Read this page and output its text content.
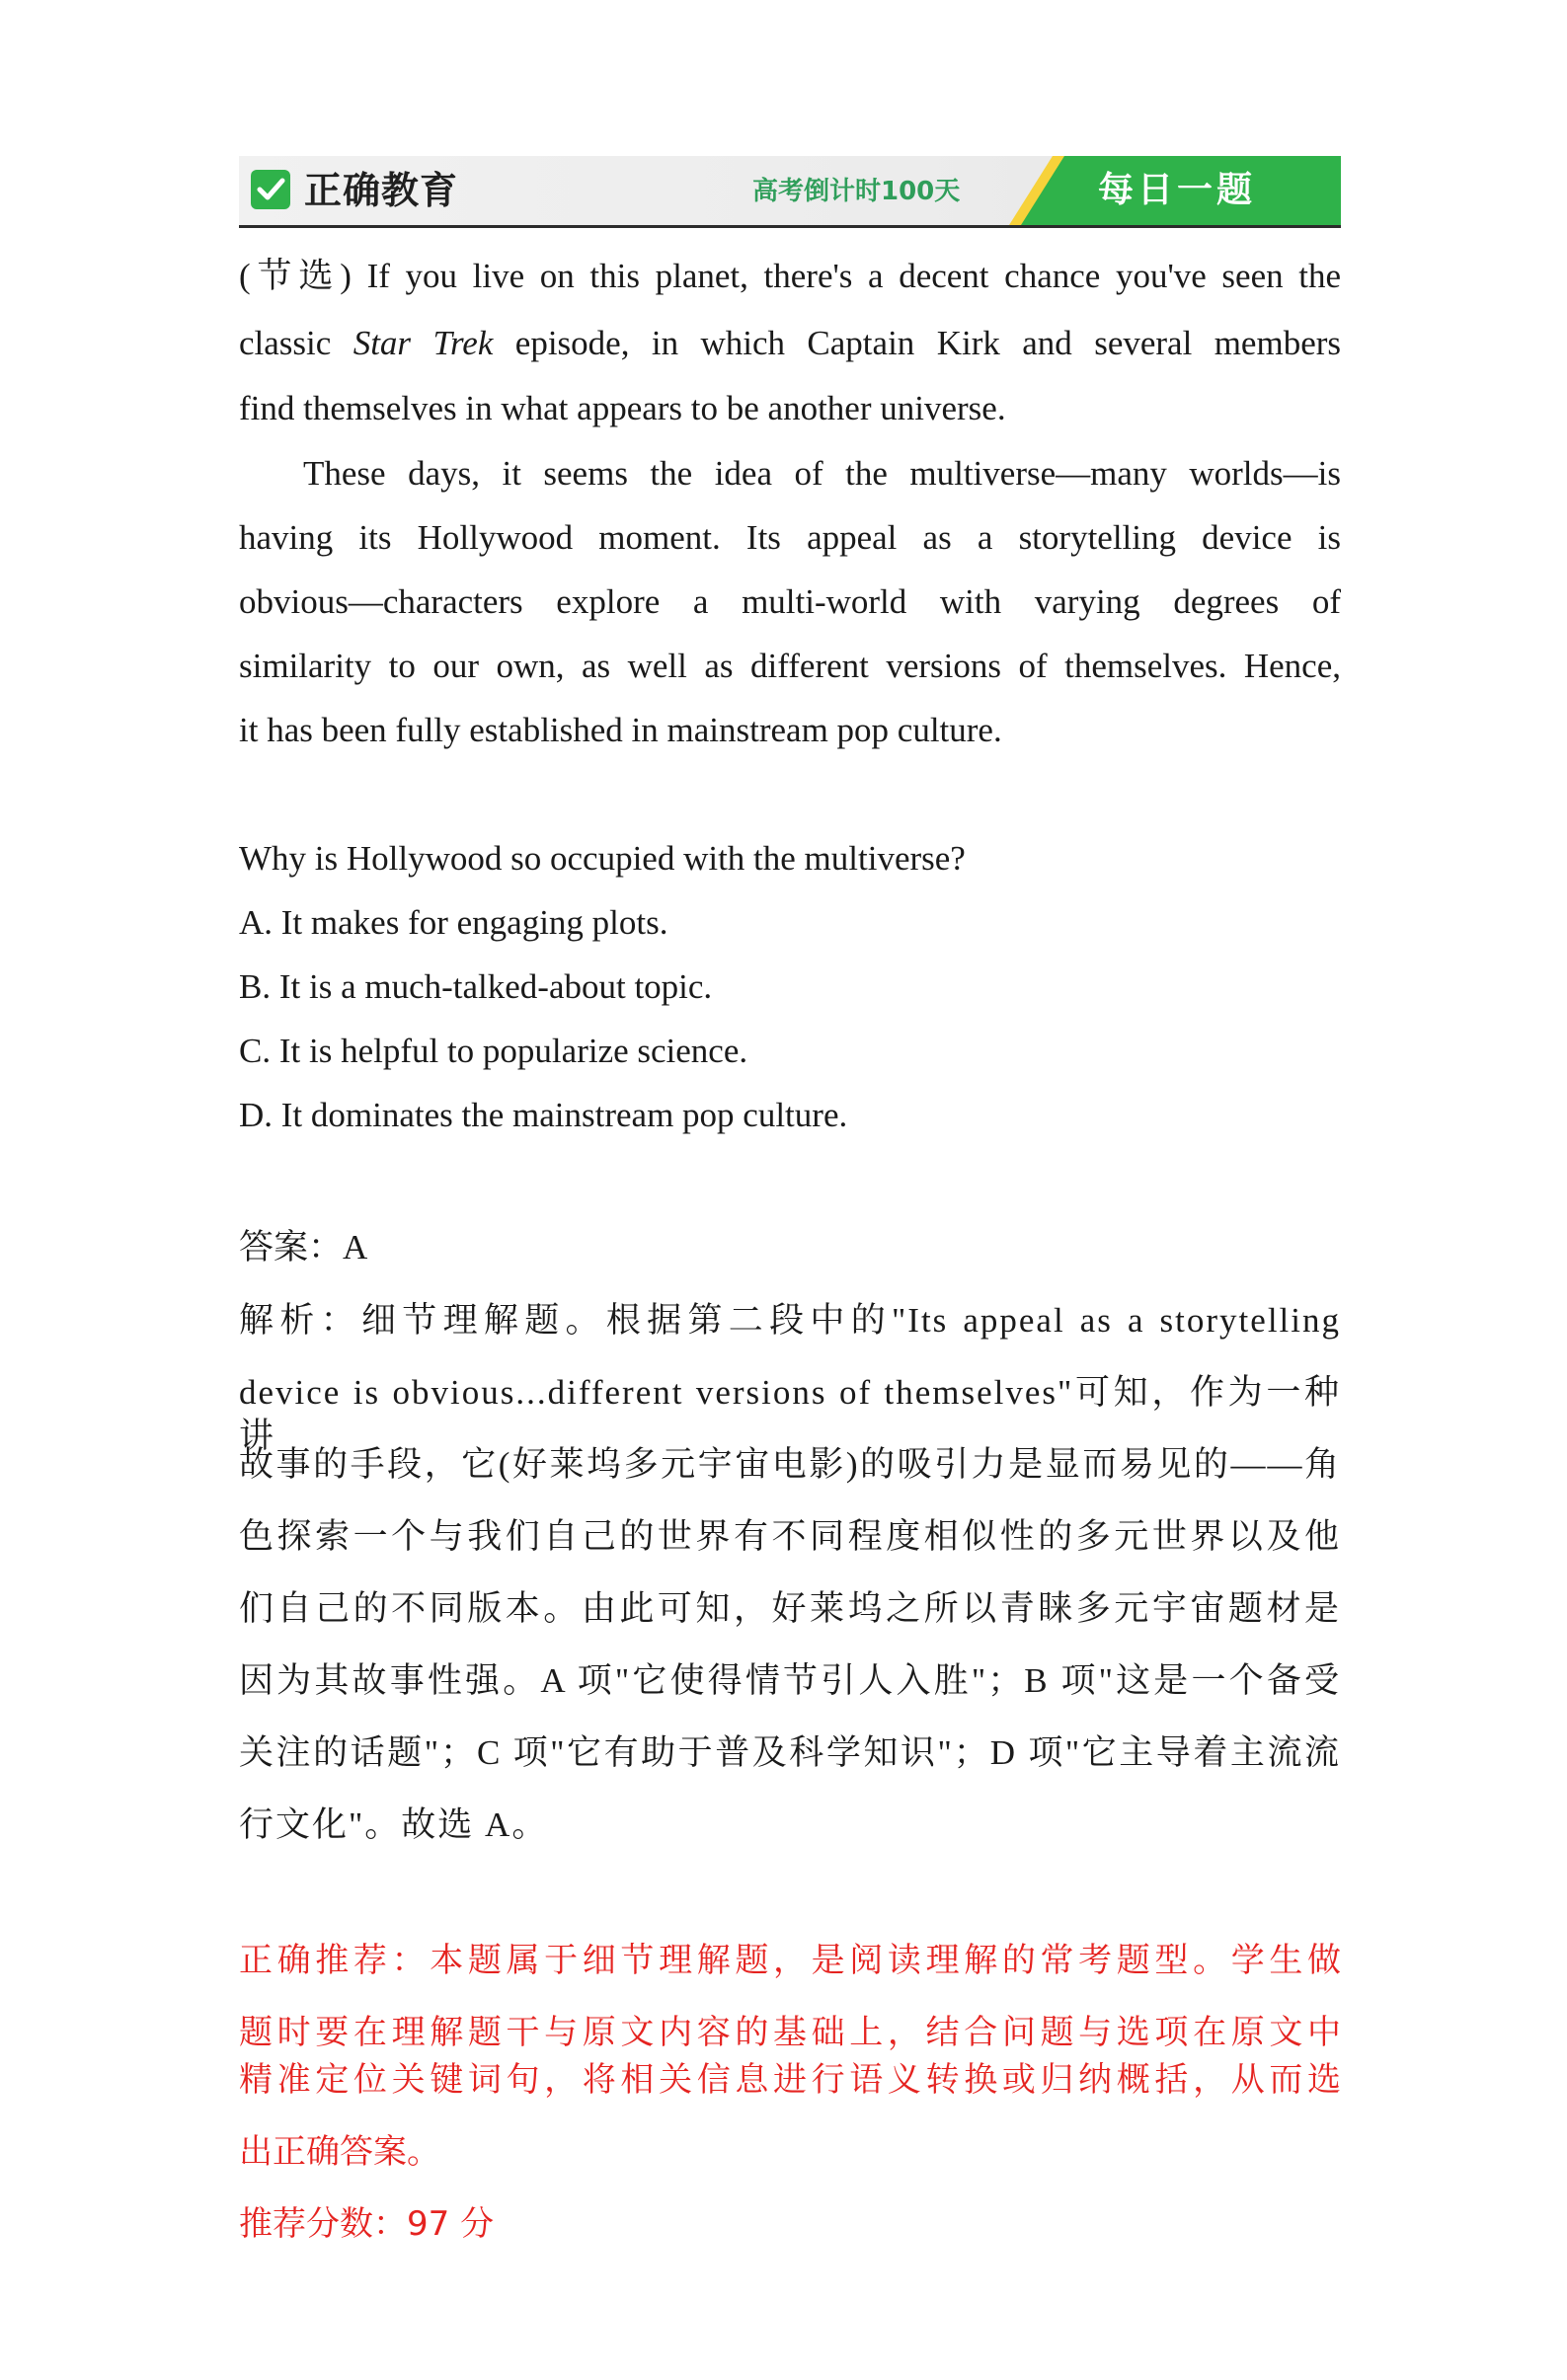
正确教育	高考倒计时100天	每日一题
(节选) If you live on this planet, there's a decent chance you've seen the
classic Star Trek episode, in which Captain Kirk and several members
find themselves in what appears to be another universe.
These days, it seems the idea of the multiverse—many worlds—is
having its Hollywood moment. Its appeal as a storytelling device is
obvious—characters explore a multi-world with varying degrees of
similarity to our own, as well as different versions of themselves. Hence,
it has been fully established in mainstream pop culture.
Why is Hollywood so occupied with the multiverse?
A. It makes for engaging plots.
B. It is a much-talked-about topic.
C. It is helpful to popularize science.
D. It dominates the mainstream pop culture.
答案：A
解析：细节理解题。根据第二段中的"Its appeal as a storytelling
device is obvious...different versions of themselves"可知，作为一种讲
故事的手段，它(好莱坞多元宇宙电影)的吸引力是显而易见的——角
色探索一个与我们自己的世界有不同程度相似性的多元世界以及他
们自己的不同版本。由此可知，好莱坞之所以青睐多元宇宙题材是
因为其故事性强。A 项"它使得情节引人入胜"；B 项"这是一个备受
关注的话题"；C 项"它有助于普及科学知识"；D 项"它主导着主流流
行文化"。故选 A。
正确推荐：本题属于细节理解题，是阅读理解的常考题型。学生做
题时要在理解题干与原文内容的基础上，结合问题与选项在原文中
精准定位关键词句，将相关信息进行语义转换或归纳概括，从而选
出正确答案。
推荐分数：97 分
